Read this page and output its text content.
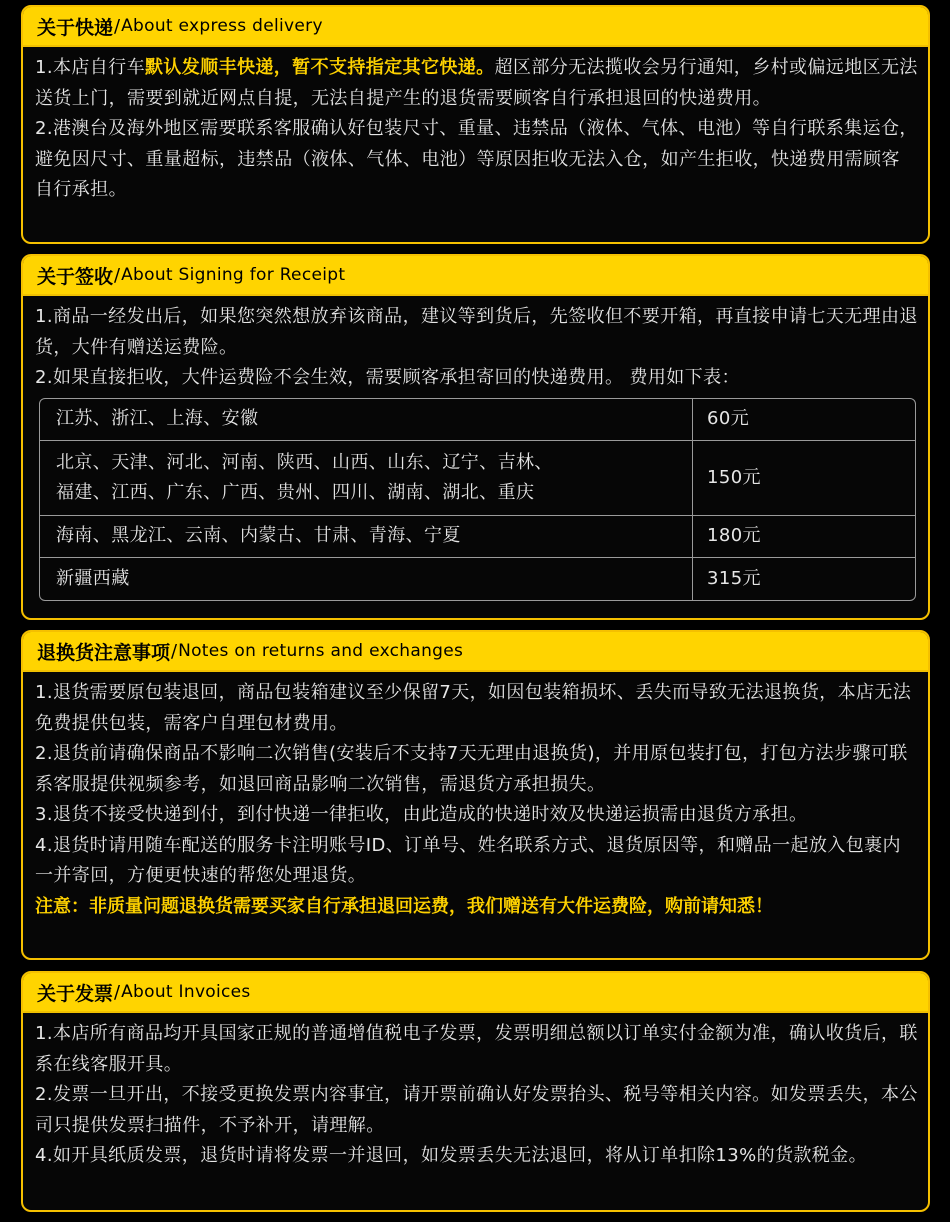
关于快递 / About express delivery
1.本店自行车默认发顺丰快递，暂不支持指定其它快递。超区部分无法揽收会另行通知，乡村或偏远地区无法送货上门，需要到就近网点自提，无法自提产生的退货需要顾客自行承担退回的快递费用。
2.港澳台及海外地区需要联系客服确认好包装尺寸、重量、违禁品（液体、气体、电池）等自行联系集运仓，避免因尺寸、重量超标，违禁品（液体、气体、电池）等原因拒收无法入仓，如产生拒收，快递费用需顾客自行承担。
关于签收 / About Signing for Receipt
1.商品一经发出后，如果您突然想放弃该商品，建议等到货后，先签收但不要开箱，再直接申请七天无理由退货，大件有赠送运费险。
2.如果直接拒收，大件运费险不会生效，需要顾客承担寄回的快递费用。 费用如下表：
江苏、浙江、上海、安徽	60元
北京、天津、河北、河南、陕西、山西、山东、辽宁、吉林、
福建、江西、广东、广西、贵州、四川、湖南、湖北、重庆	150元
海南、黑龙江、云南、内蒙古、甘肃、青海、宁夏	180元
新疆西藏	315元
退换货注意事项 / Notes on returns and exchanges
1.退货需要原包装退回，商品包装箱建议至少保留7天，如因包装箱损坏、丢失而导致无法退换货，本店无法免费提供包装，需客户自理包材费用。
2.退货前请确保商品不影响二次销售(安装后不支持7天无理由退换货)，并用原包装打包，打包方法步骤可联系客服提供视频参考，如退回商品影响二次销售，需退货方承担损失。
3.退货不接受快递到付，到付快递一律拒收，由此造成的快递时效及快递运损需由退货方承担。
4.退货时请用随车配送的服务卡注明账号ID、订单号、姓名联系方式、退货原因等，和赠品一起放入包裹内一并寄回，方便更快速的帮您处理退货。
注意：非质量问题退换货需要买家自行承担退回运费，我们赠送有大件运费险，购前请知悉！
关于发票 / About Invoices
1.本店所有商品均开具国家正规的普通增值税电子发票，发票明细总额以订单实付金额为准，确认收货后，联系在线客服开具。
2.发票一旦开出，不接受更换发票内容事宜，请开票前确认好发票抬头、税号等相关内容。如发票丢失，本公司只提供发票扫描件，不予补开，请理解。
4.如开具纸质发票，退货时请将发票一并退回，如发票丢失无法退回，将从订单扣除13%的货款税金。
